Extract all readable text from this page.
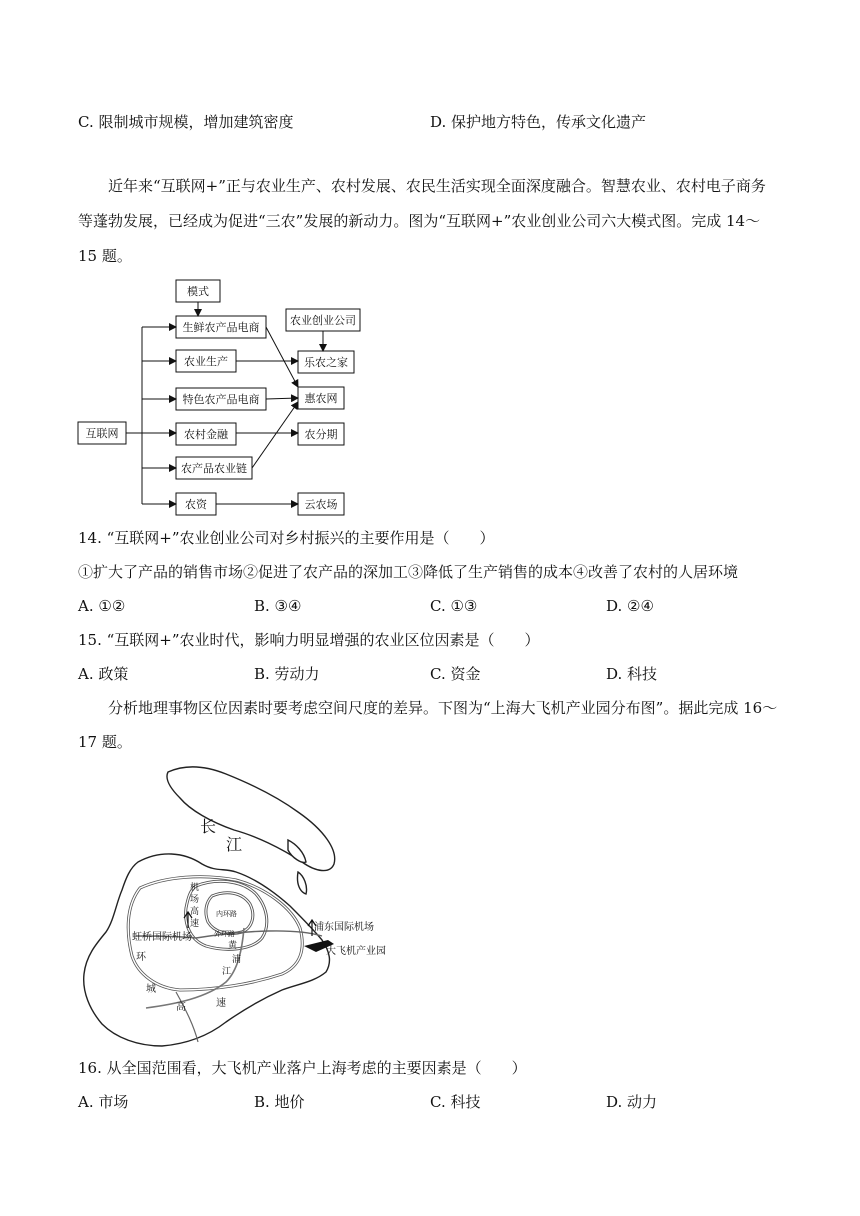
C. 限制城市规模，增加建筑密度	D. 保护地方特色，传承文化遗产
近年来“互联网+”正与农业生产、农村发展、农民生活实现全面深度融合。智慧农业、农村电子商务
等蓬勃发展，已经成为促进“三农”发展的新动力。图为“互联网+”农业创业公司六大模式图。完成 14～
15 题。
模式
生鲜农产品电商
农业生产
特色农产品电商
农村金融
农产品农业链
农资
互联网
农业创业公司
乐农之家
惠农网
农分期
云农场
14. “互联网+”农业创业公司对乡村振兴的主要作用是（　　）
①扩大了产品的销售市场②促进了农产品的深加工③降低了生产销售的成本④改善了农村的人居环境
A. ①②	B. ③④	C. ①③	D. ②④
15. “互联网+”农业时代，影响力明显增强的农业区位因素是（　　）
A. 政策	B. 劳动力	C. 资金	D. 科技
分析地理事物区位因素时要考虑空间尺度的差异。下图为“上海大飞机产业园分布图”。据此完成 16～
17 题。
长
江
浦东国际机场
大飞机产业园
虹桥国际机场
黄
浦
江
机
场
高
速
环
城
高	速
内环路
外环路
16. 从全国范围看，大飞机产业落户上海考虑的主要因素是（　　）
A. 市场	B. 地价	C. 科技	D. 动力
